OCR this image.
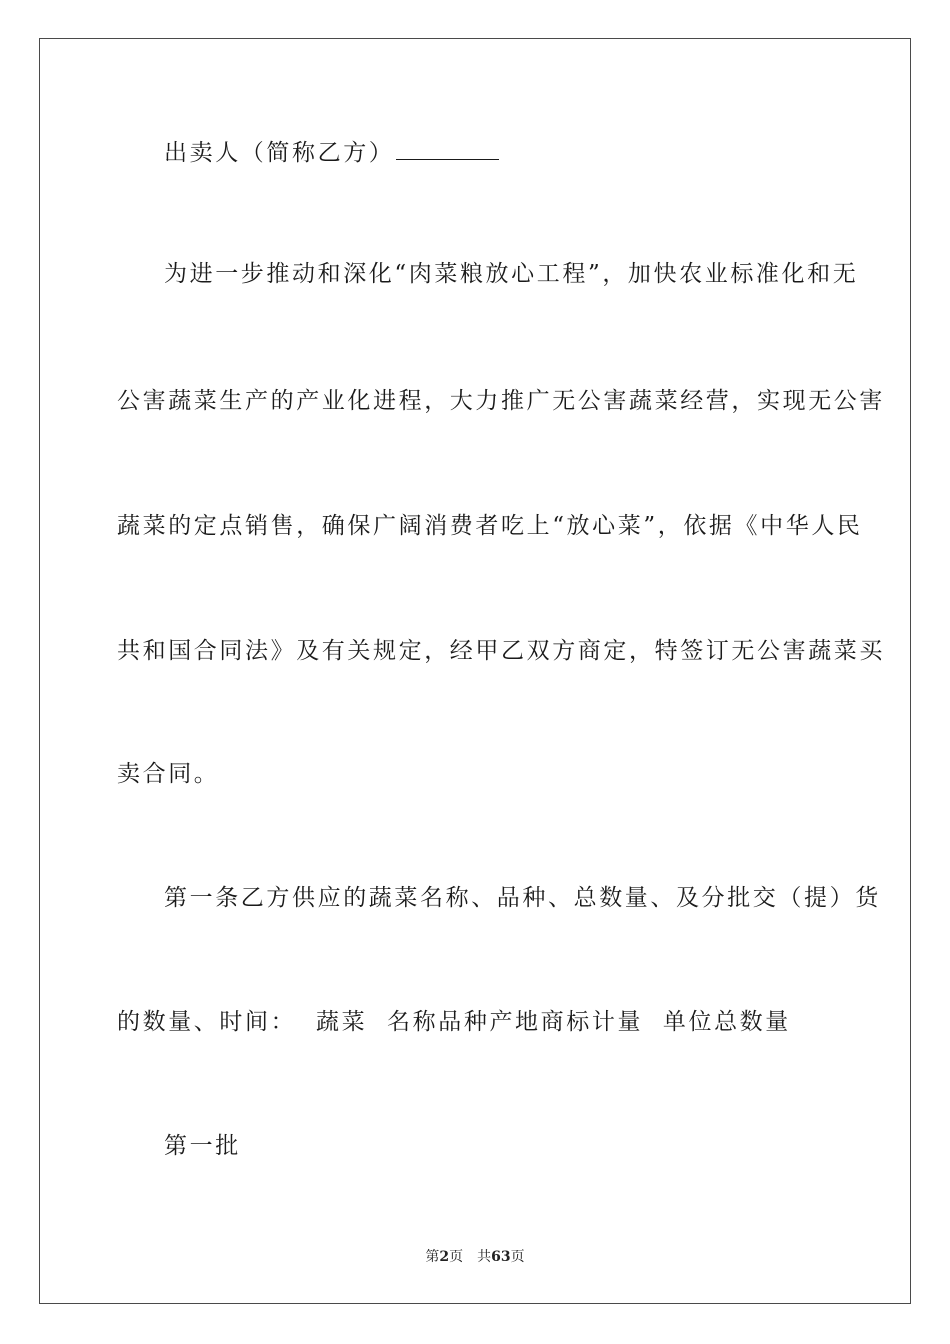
出卖人（简称乙方）
为进一步推动和深化“肉菜粮放心工程”，加快农业标准化和无
公害蔬菜生产的产业化进程，大力推广无公害蔬菜经营，实现无公害
蔬菜的定点销售，确保广阔消费者吃上“放心菜”，依据《中华人民
共和国合同法》及有关规定，经甲乙双方商定，特签订无公害蔬菜买
卖合同。
第一条乙方供应的蔬菜名称、品种、总数量、及分批交（提）货
的数量、时间：  蔬菜  名称品种产地商标计量  单位总数量
第一批
第2页 共63页
